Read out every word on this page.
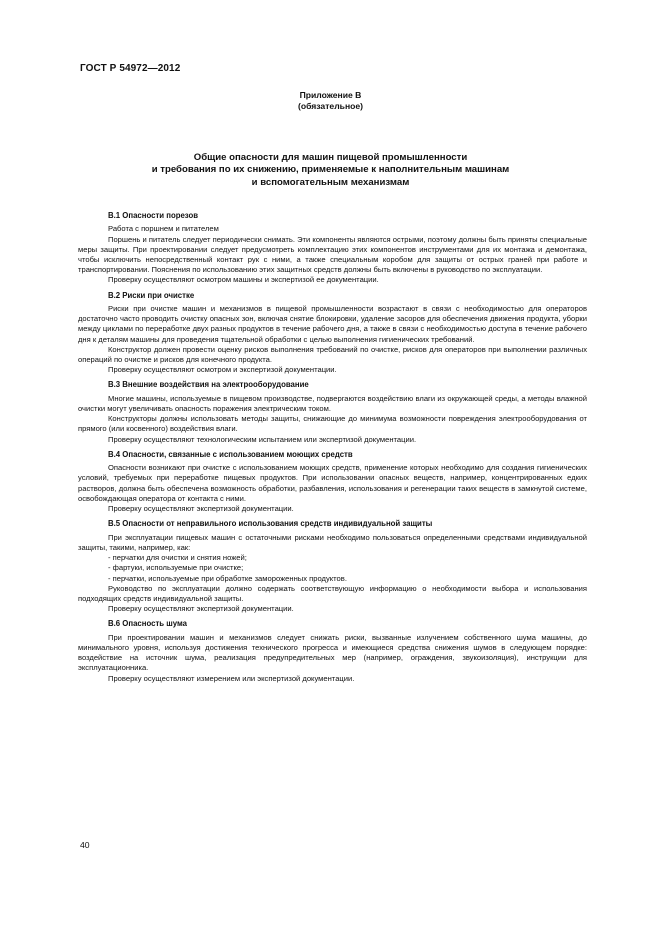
ГОСТ Р 54972—2012
Приложение В
(обязательное)
Общие опасности для машин пищевой промышленности
и требования по их снижению, применяемые к наполнительным машинам
и вспомогательным механизмам
В.1 Опасности порезов

Работа с поршнем и питателем

Поршень и питатель следует периодически снимать. Эти компоненты являются острыми, поэтому должны быть приняты специальные меры защиты. При проектировании следует предусмотреть комплектацию этих компонентов инструментами для их монтажа и демонтажа, чтобы исключить непосредственный контакт рук с ними, а также специальным коробом для защиты от острых граней при работе и транспортировании. Пояснения по использованию этих защитных средств должны быть включены в руководство по эксплуатации.

Проверку осуществляют осмотром машины и экспертизой ее документации.

В.2 Риски при очистке

Риски при очистке машин и механизмов в пищевой промышленности возрастают в связи с необходимостью для операторов достаточно часто проводить очистку опасных зон, включая снятие блокировки, удаление засоров для обеспечения движения продукта, уборки между циклами по переработке двух разных продуктов в течение рабочего дня, а также в связи с необходимостью доступа в течение рабочего дня к деталям машины для проведения тщательной обработки с целью выполнения гигиенических требований.

Конструктор должен провести оценку рисков выполнения требований по очистке, рисков для операторов при выполнении различных операций по очистке и рисков для конечного продукта.

Проверку осуществляют осмотром и экспертизой документации.

В.3 Внешние воздействия на электрооборудование

Многие машины, используемые в пищевом производстве, подвергаются воздействию влаги из окружающей среды, а методы влажной очистки могут увеличивать опасность поражения электрическим током.

Конструкторы должны использовать методы защиты, снижающие до минимума возможности повреждения электрооборудования от прямого (или косвенного) воздействия влаги.

Проверку осуществляют технологическим испытанием или экспертизой документации.

В.4 Опасности, связанные с использованием моющих средств

Опасности возникают при очистке с использованием моющих средств, применение которых необходимо для создания гигиенических условий, требуемых при переработке пищевых продуктов. При использовании опасных веществ, например, концентрированных едких растворов, должна быть обеспечена возможность обработки, разбавления, использования и регенерации таких веществ в замкнутой системе, освобождающая оператора от контакта с ними.

Проверку осуществляют экспертизой документации.

В.5 Опасности от неправильного использования средств индивидуальной защиты

При эксплуатации пищевых машин с остаточными рисками необходимо пользоваться определенными средствами индивидуальной защиты, такими, например, как:

- перчатки для очистки и снятия ножей;

- фартуки, используемые при очистке;

- перчатки, используемые при обработке замороженных продуктов.

Руководство по эксплуатации должно содержать соответствующую информацию о необходимости выбора и использования подходящих средств индивидуальной защиты.

Проверку осуществляют экспертизой документации.

В.6 Опасность шума

При проектировании машин и механизмов следует снижать риски, вызванные излучением собственного шума машины, до минимального уровня, используя достижения технического прогресса и имеющиеся средства снижения шумов в следующем порядке: воздействие на источник шума, реализация предупредительных мер (например, ограждения, звукоизоляция), инструкции для эксплуатационника.

Проверку осуществляют измерением или экспертизой документации.

40
